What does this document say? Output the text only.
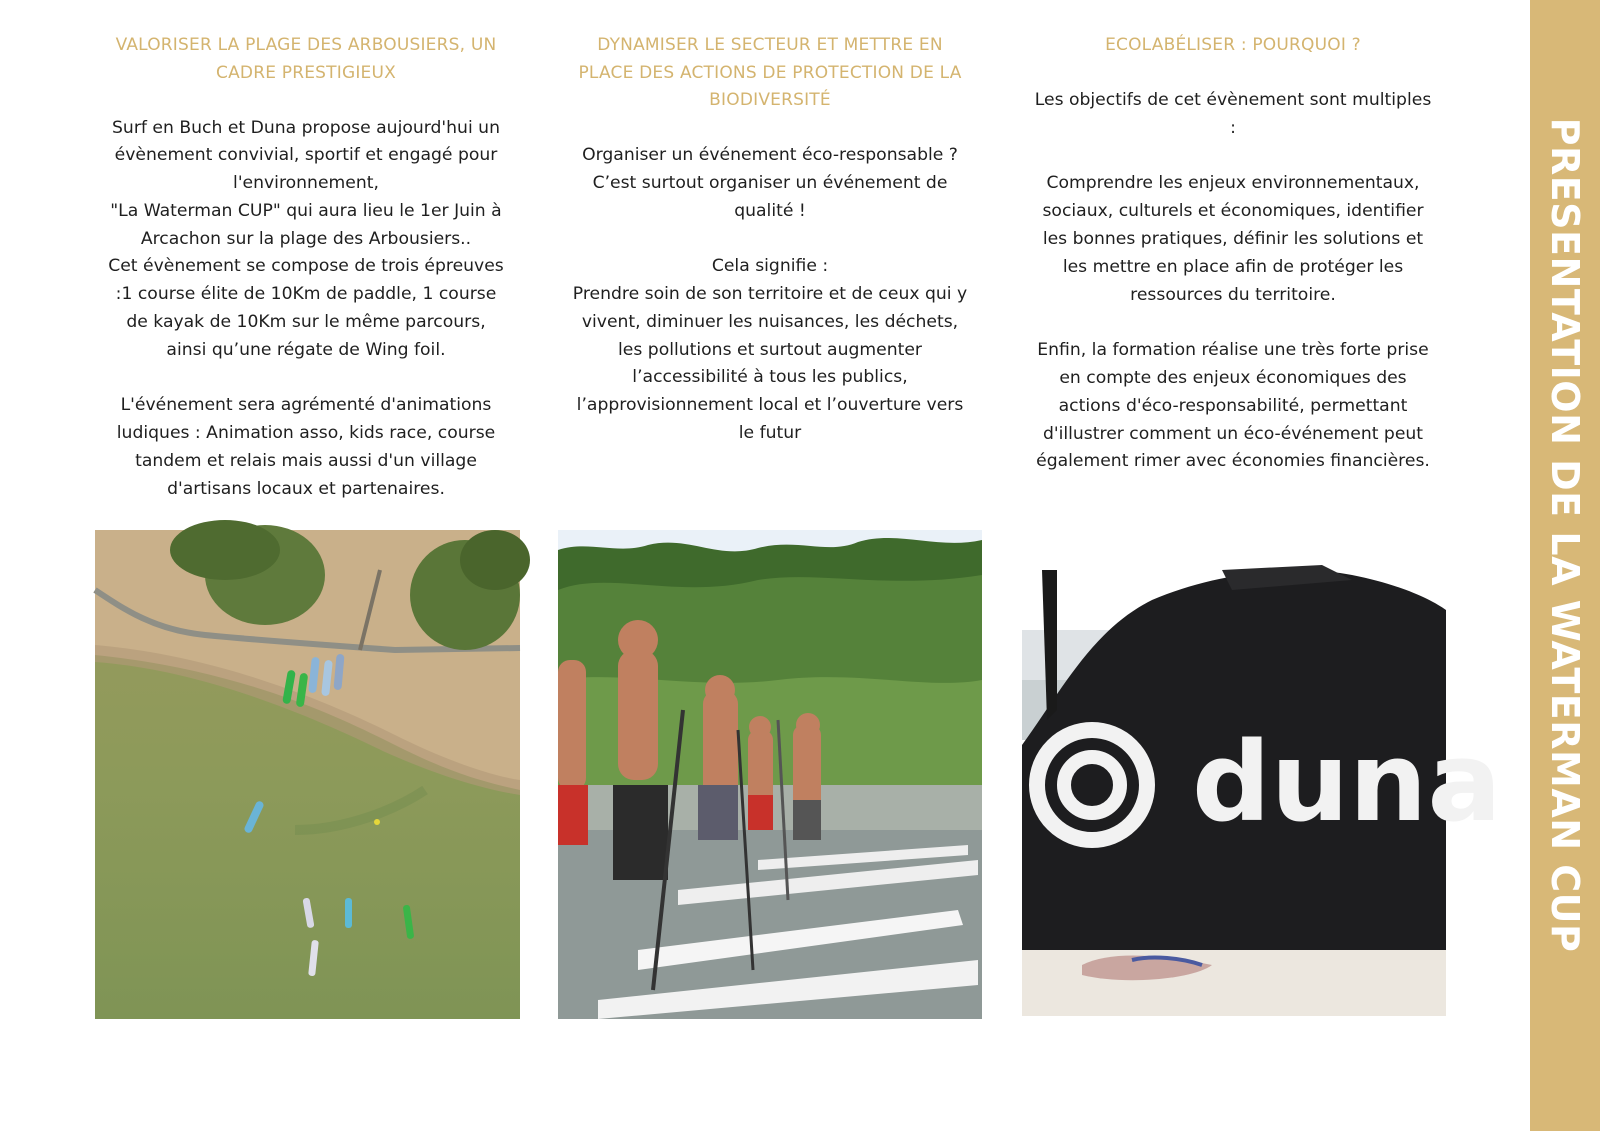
VALORISER LA PLAGE DES ARBOUSIERS, UN
CADRE PRESTIGIEUX
Surf en Buch et Duna propose aujourd'hui un
évènement convivial, sportif et engagé pour
l'environnement,
"La Waterman CUP" qui aura lieu le 1er Juin à
Arcachon sur la plage des Arbousiers..
Cet évènement se compose de trois épreuves
:1 course élite de 10Km de paddle, 1 course
de kayak de 10Km sur le même parcours,
ainsi qu’une régate de Wing foil.
L'événement sera agrémenté d'animations
ludiques : Animation asso, kids race, course
tandem et relais mais aussi d'un village
d'artisans locaux et partenaires.
DYNAMISER LE SECTEUR ET METTRE EN
PLACE DES ACTIONS DE PROTECTION DE LA
BIODIVERSITÉ
Organiser un événement éco-responsable ?
C’est surtout organiser un événement de
qualité !
Cela signifie :
Prendre soin de son territoire et de ceux qui y
vivent, diminuer les nuisances, les déchets,
les pollutions et surtout augmenter
l’accessibilité à tous les publics,
l’approvisionnement local et l’ouverture vers
le futur
ECOLABÉLISER : POURQUOI ?
Les objectifs de cet évènement sont multiples
:
Comprendre les enjeux environnementaux,
sociaux, culturels et économiques, identifier
les bonnes pratiques, définir les solutions et
les mettre en place afin de protéger les
ressources du territoire.
Enfin, la formation réalise une très forte prise
en compte des enjeux économiques des
actions d'éco-responsabilité, permettant
d'illustrer comment un éco-événement peut
également rimer avec économies financières.
duna PRESENTATION DE LA WATERMAN CUP
